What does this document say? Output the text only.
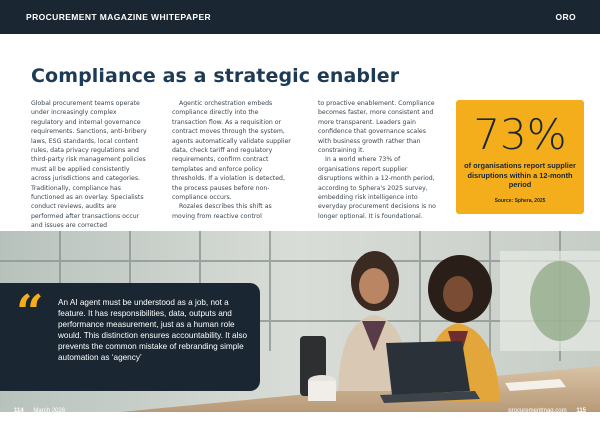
PROCUREMENT MAGAZINE WHITEPAPER	ORO
Compliance as a strategic enabler

Global procurement teams operate under increasingly complex regulatory and internal governance requirements. Sanctions, anti-bribery laws, ESG standards, local content rules, data privacy regulations and third-party risk management policies must all be applied consistently across jurisdictions and categories. Traditionally, compliance has functioned as an overlay. Specialists conduct reviews, audits are performed after transactions occur and issues are corrected

Agentic orchestration embeds compliance directly into the transaction flow. As a requisition or contract moves through the system, agents automatically validate supplier data, check tariff and regulatory requirements, confirm contract templates and enforce policy thresholds. If a violation is detected, the process pauses before non-compliance occurs.

Rozales describes this shift as moving from reactive control

to proactive enablement. Compliance becomes faster, more consistent and more transparent. Leaders gain confidence that governance scales with business growth rather than constraining it.

In a world where 73% of organisations report supplier disruptions within a 12-month period, according to Sphera's 2025 survey, embedding risk intelligence into everyday procurement decisions is no longer optional. It is foundational.

73%
of organisations report supplier disruptions within a 12-month period
Source: Sphera, 2025
“ An AI agent must be understood as a job, not a feature. It has responsibilities, data, outputs and performance measurement, just as a human role would. This distinction ensures accountability. It also prevents the common mistake of rebranding simple automation as ‘agency’

114 March 2026	procurementmag.com 115
